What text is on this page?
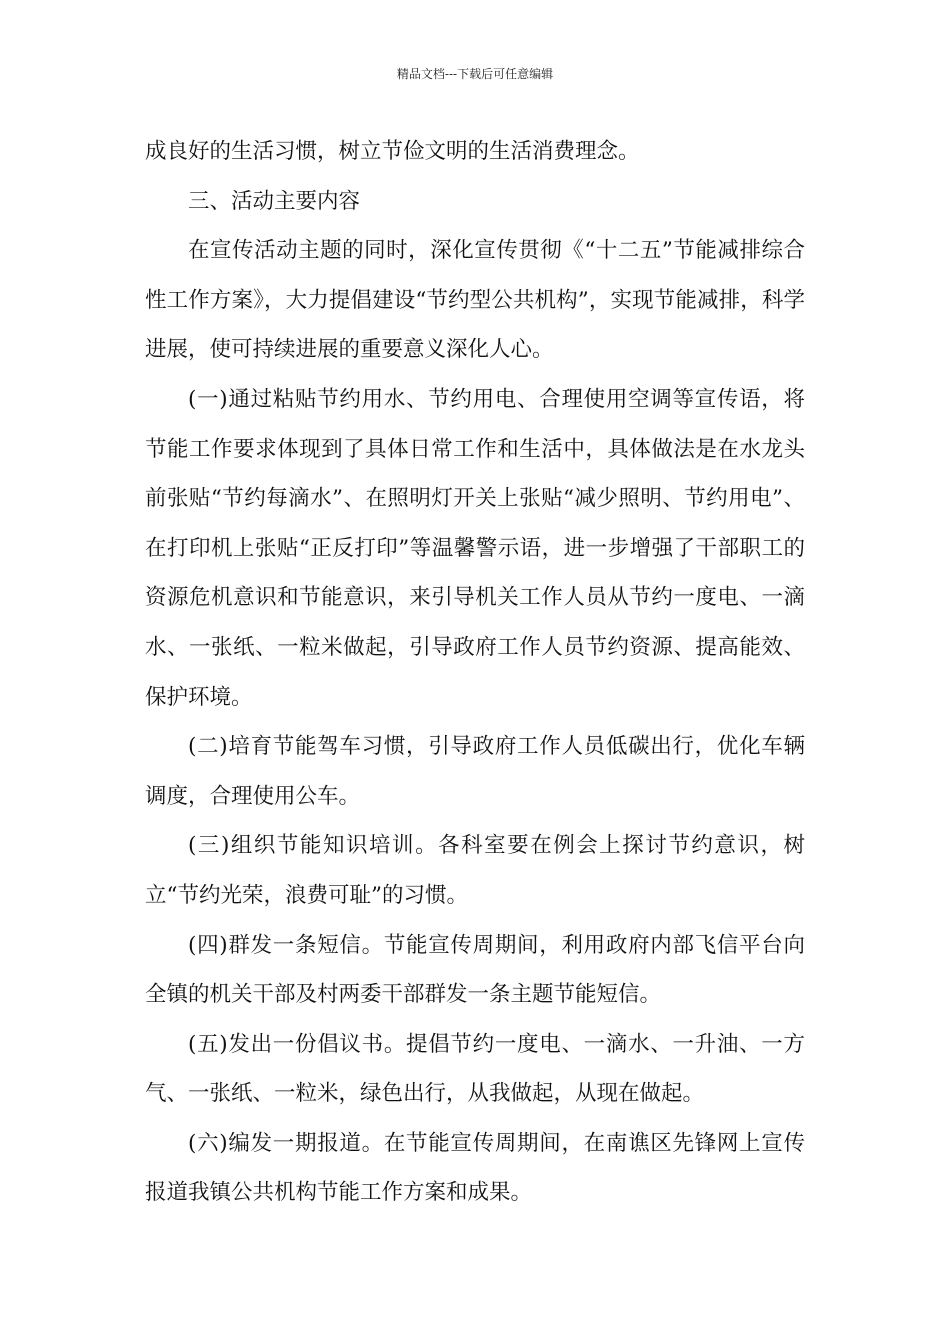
精品文档---下载后可任意编辑

成良好的生活习惯，树立节俭文明的生活消费理念。

三、活动主要内容

在宣传活动主题的同时，深化宣传贯彻《“十二五”节能减排综合性工作方案》，大力提倡建设“节约型公共机构”，实现节能减排，科学进展，使可持续进展的重要意义深化人心。

(一)通过粘贴节约用水、节约用电、合理使用空调等宣传语，将节能工作要求体现到了具体日常工作和生活中，具体做法是在水龙头前张贴“节约每滴水”、在照明灯开关上张贴“减少照明、节约用电”、在打印机上张贴“正反打印”等温馨警示语，进一步增强了干部职工的资源危机意识和节能意识，来引导机关工作人员从节约一度电、一滴水、一张纸、一粒米做起，引导政府工作人员节约资源、提高能效、保护环境。

(二)培育节能驾车习惯，引导政府工作人员低碳出行，优化车辆调度，合理使用公车。

(三)组织节能知识培训。各科室要在例会上探讨节约意识，树立“节约光荣，浪费可耻”的习惯。

(四)群发一条短信。节能宣传周期间，利用政府内部飞信平台向全镇的机关干部及村两委干部群发一条主题节能短信。

(五)发出一份倡议书。提倡节约一度电、一滴水、一升油、一方气、一张纸、一粒米，绿色出行，从我做起，从现在做起。

(六)编发一期报道。在节能宣传周期间，在南谯区先锋网上宣传报道我镇公共机构节能工作方案和成果。
